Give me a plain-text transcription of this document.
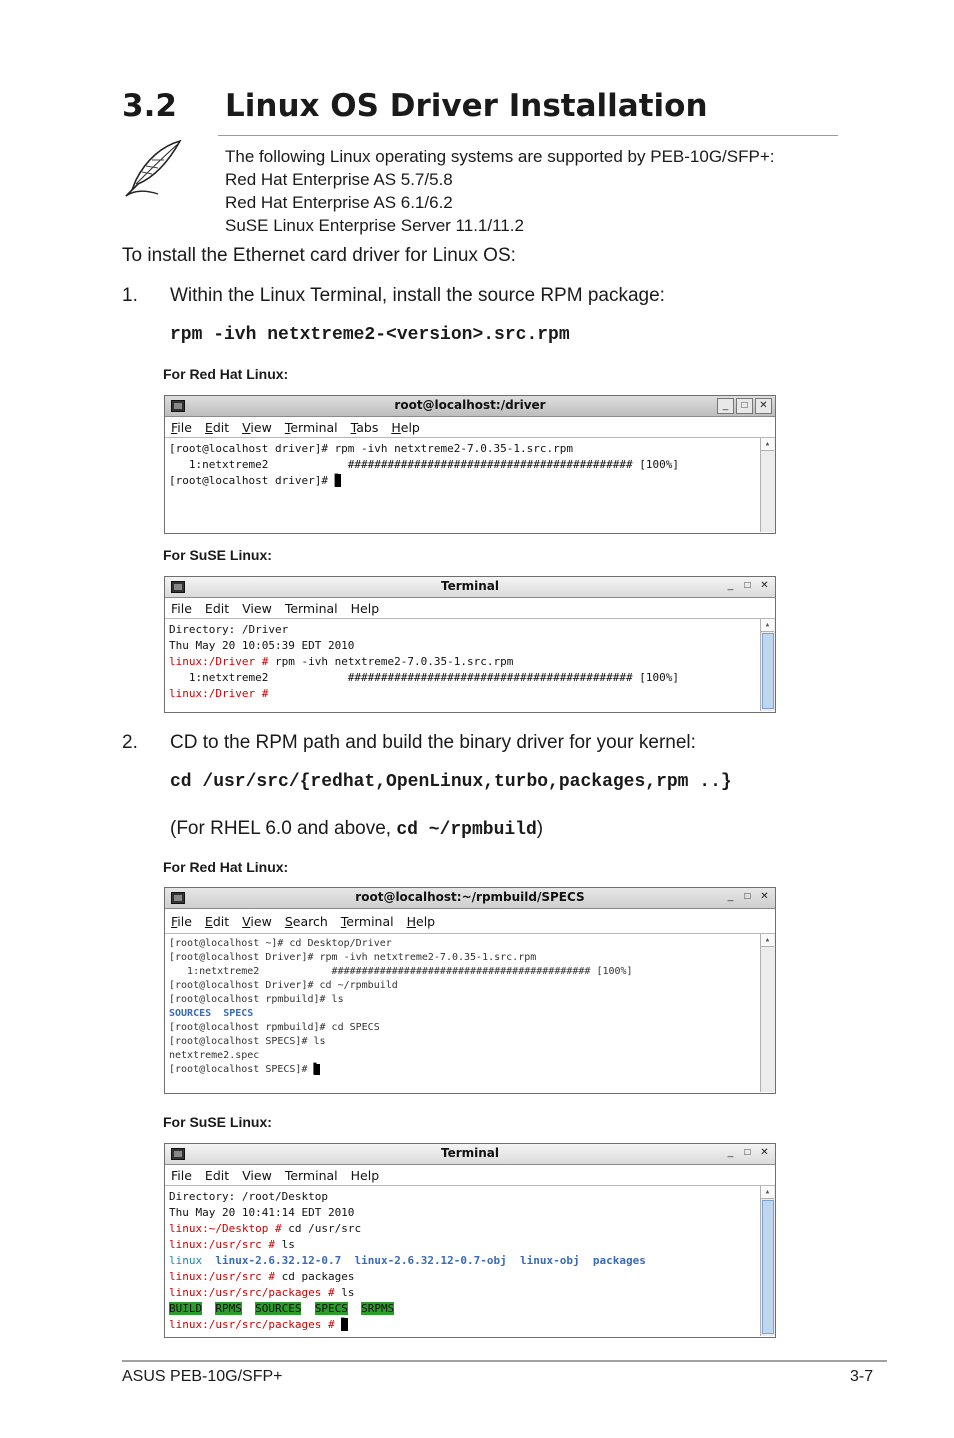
3.2 Linux OS Driver Installation
The following Linux operating systems are supported by PEB-10G/SFP+:
Red Hat Enterprise AS 5.7/5.8
Red Hat Enterprise AS 6.1/6.2
SuSE Linux Enterprise Server 11.1/11.2
To install the Ethernet card driver for Linux OS:
1. Within the Linux Terminal, install the source RPM package:
rpm -ivh netxtreme2-<version>.src.rpm
For Red Hat Linux:
root@localhost:/driver	_	□	✕
File Edit View Terminal Tabs Help
[root@localhost driver]# rpm -ivh netxtreme2-7.0.35-1.src.rpm
1:netxtreme2            ########################################### [100%]
[root@localhost driver]# ▌
▴
For SuSE Linux:
Terminal	_	□ ✕
File Edit View Terminal Help
Directory: /Driver
Thu May 20 10:05:39 EDT 2010
linux:/Driver # rpm -ivh netxtreme2-7.0.35-1.src.rpm
1:netxtreme2            ########################################### [100%]
linux:/Driver #
▴
2. CD to the RPM path and build the binary driver for your kernel:
cd /usr/src/{redhat,OpenLinux,turbo,packages,rpm ..}
(For RHEL 6.0 and above, cd ~/rpmbuild)
For Red Hat Linux:
root@localhost:~/rpmbuild/SPECS	_	□ ✕
File Edit View Search Terminal Help
[root@localhost ~]# cd Desktop/Driver
[root@localhost Driver]# rpm -ivh netxtreme2-7.0.35-1.src.rpm
1:netxtreme2            ########################################### [100%]
[root@localhost Driver]# cd ~/rpmbuild
[root@localhost rpmbuild]# ls
SOURCES SPECS
[root@localhost rpmbuild]# cd SPECS
[root@localhost SPECS]# ls
netxtreme2.spec
[root@localhost SPECS]# ▌
▴
For SuSE Linux:
Terminal	_	□ ✕
File Edit View Terminal Help
Directory: /root/Desktop
Thu May 20 10:41:14 EDT 2010
linux:~/Desktop # cd /usr/src
linux:/usr/src # ls
linux linux-2.6.32.12-0.7 linux-2.6.32.12-0.7-obj linux-obj packages
linux:/usr/src # cd packages
linux:/usr/src/packages # ls
BUILD RPMS SOURCES SPECS SRPMS
linux:/usr/src/packages # ▌
▴
ASUS PEB-10G/SFP+	3-7
